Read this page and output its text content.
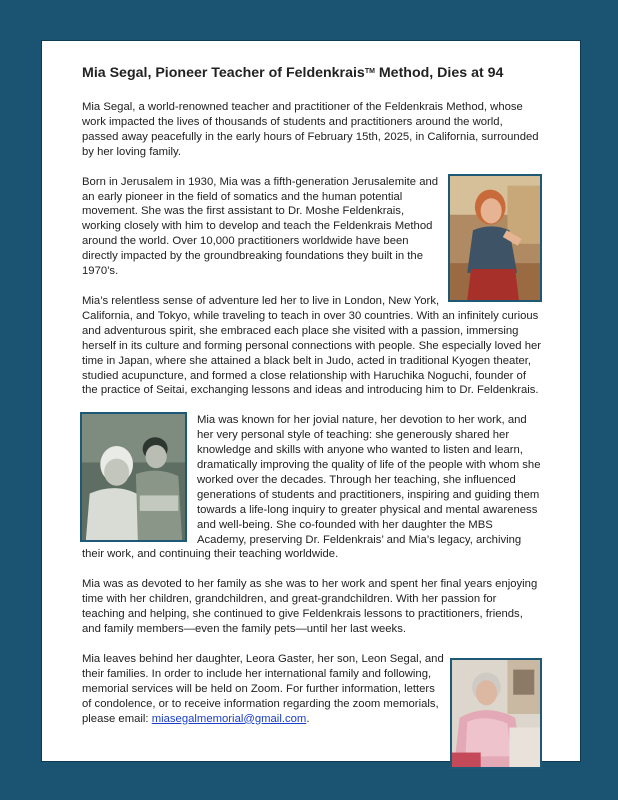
Mia Segal, Pioneer Teacher of Feldenkrais™ Method, Dies at 94

Mia Segal, a world-renowned teacher and practitioner of the Feldenkrais Method, whose work impacted the lives of thousands of students and practitioners around the world, passed away peacefully in the early hours of February 15th, 2025, in California, surrounded by her loving family.

Born in Jerusalem in 1930, Mia was a fifth-generation Jerusalemite and an early pioneer in the field of somatics and the human potential movement. She was the first assistant to Dr. Moshe Feldenkrais, working closely with him to develop and teach the Feldenkrais Method around the world. Over 10,000 practitioners worldwide have been directly impacted by the groundbreaking foundations they built in the 1970’s.

Mia’s relentless sense of adventure led her to live in London, New York, California, and Tokyo, while traveling to teach in over 30 countries. With an infinitely curious and adventurous spirit, she embraced each place she visited with a passion, immersing herself in its culture and forming personal connections with people. She especially loved her time in Japan, where she attained a black belt in Judo, acted in traditional Kyogen theater, studied acupuncture, and formed a close relationship with Haruchika Noguchi, founder of the practice of Seitai, exchanging lessons and ideas and introducing him to Dr. Feldenkrais.

Mia was known for her jovial nature, her devotion to her work, and her very personal style of teaching: she generously shared her knowledge and skills with anyone who wanted to listen and learn, dramatically improving the quality of life of the people with whom she worked over the decades. Through her teaching, she influenced generations of students and practitioners, inspiring and guiding them towards a life-long inquiry to greater physical and mental awareness and well-being. She co-founded with her daughter the MBS Academy, preserving Dr. Feldenkrais’ and Mia’s legacy, archiving their work, and continuing their teaching worldwide.

Mia was as devoted to her family as she was to her work and spent her final years enjoying time with her children, grandchildren, and great-grandchildren. With her passion for teaching and helping, she continued to give Feldenkrais lessons to practitioners, friends, and family members—even the family pets—until her last weeks.

Mia leaves behind her daughter, Leora Gaster, her son, Leon Segal, and their families. In order to include her international family and following, memorial services will be held on Zoom. For further information, letters of condolence, or to receive information regarding the zoom memorials, please email: miasegalmemorial@gmail.com.
